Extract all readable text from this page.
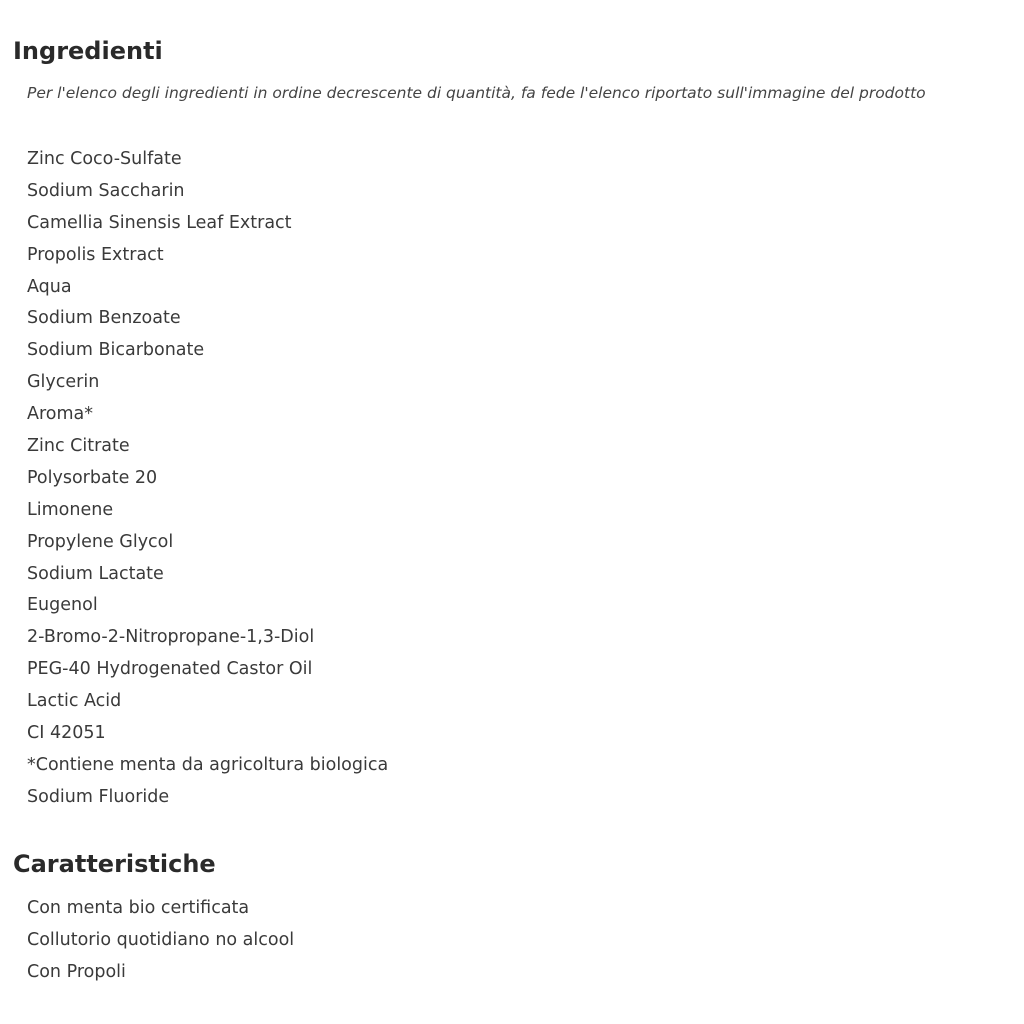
Ingredienti

Per l'elenco degli ingredienti in ordine decrescente di quantità, fa fede l'elenco riportato sull'immagine del prodotto

Zinc Coco-Sulfate
Sodium Saccharin
Camellia Sinensis Leaf Extract
Propolis Extract
Aqua
Sodium Benzoate
Sodium Bicarbonate
Glycerin
Aroma*
Zinc Citrate
Polysorbate 20
Limonene
Propylene Glycol
Sodium Lactate
Eugenol
2-Bromo-2-Nitropropane-1,3-Diol
PEG-40 Hydrogenated Castor Oil
Lactic Acid
CI 42051
*Contiene menta da agricoltura biologica
Sodium Fluoride
Caratteristiche
Con menta bio certificata
Collutorio quotidiano no alcool
Con Propoli
